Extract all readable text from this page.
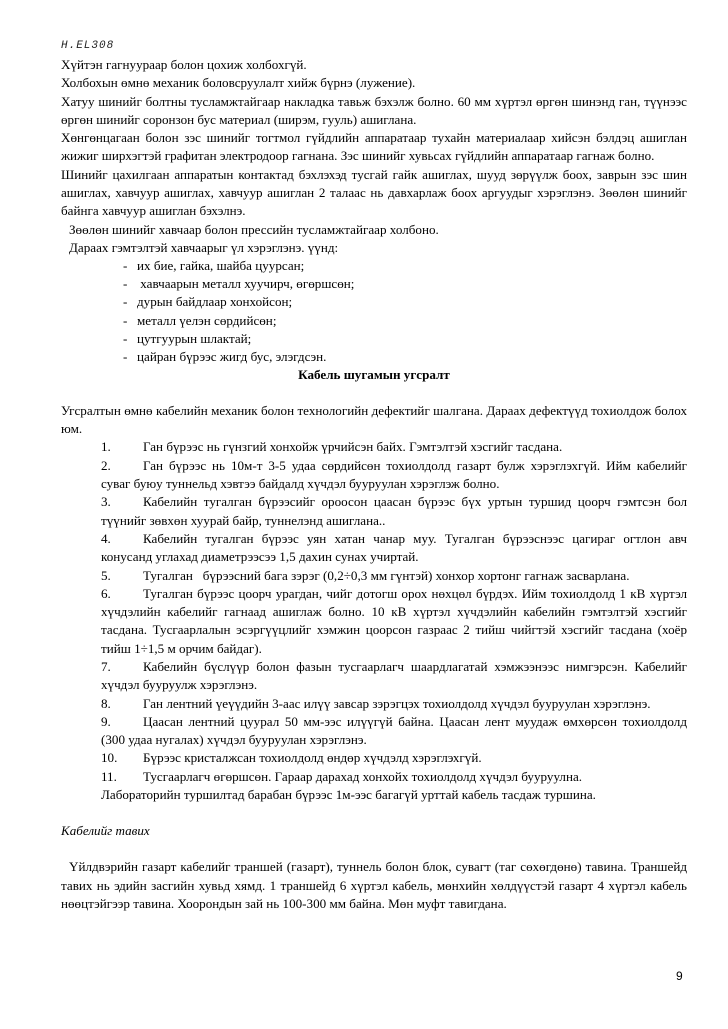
H.EL308

Хүйтэн гагнуураар болон цохиж холбохгүй.

Холбохын өмнө механик боловсруулалт хийж бүрнэ (лужение).

Хатуу шинийг болтны тусламжтайгаар накладка тавьж бэхэлж болно. 60 мм хүртэл өргөн шинэнд ган, түүнээс өргөн шинийг соронзон бус материал (ширэм, гууль) ашиглана.

Хөнгөнцагаан болон зэс шинийг тогтмол гүйдлийн аппаратаар тухайн материалаар хийсэн бэлдэц ашиглан жижиг ширхэгтэй графитан электродоор гагнана. Зэс шинийг хувьсах гүйдлийн аппаратаар гагнаж болно.

Шинийг цахилгаан аппаратын контактад бэхлэхэд тусгай гайк ашиглах, шууд зөрүүлж боох, заврын зэс шин ашиглах, хавчуур ашиглах, хавчуур ашиглан 2 талаас нь давхарлаж боох аргуудыг хэрэглэнэ. Зөөлөн шинийг байнга хавчуур ашиглан бэхэлнэ.

Зөөлөн шинийг хавчаар болон прессийн тусламжтайгаар холбоно.

Дараах гэмтэлтэй хавчаарыг үл хэрэглэнэ. үүнд:

- их бие, гайка, шайба цуурсан;
- хавчаарын металл хуучирч, өгөршсөн;
- дурын байдлаар хонхойсон;
- металл үелэн сөрдийсөн;
- цутгуурын шлактай;
- цайран бүрээс жигд бус, элэгдсэн.

Кабель шугамын угсралт

Угсралтын өмнө кабелийн механик болон технологийн дефектийг шалгана. Дараах дефектүүд тохиолдож болох юм.

1. Ган бүрээс нь гүнзгий хонхойж үрчийсэн байх. Гэмтэлтэй хэсгийг тасдана.
2. Ган бүрээс нь 10м-т 3-5 удаа сөрдийсөн тохиолдолд газарт булж хэрэглэхгүй. Ийм кабелийг суваг буюу туннельд хэвтээ байдалд хүчдэл бууруулан хэрэглэж болно.
3. Кабелийн тугалган бүрээсийг ороосон цаасан бүрээс бүх уртын туршид цоорч гэмтсэн бол түүнийг зөвхөн хуурай байр, туннелэнд ашиглана..
4. Кабелийн тугалган бүрээс уян хатан чанар муу. Тугалган бүрээснээс цагираг огтлон авч конусанд углахад диаметрээсээ 1,5 дахин сунах учиртай.
5. Тугалган   бүрээсний бага зэрэг (0,2÷0,3 мм гүнтэй) хонхор хортонг гагнаж засварлана.
6. Тугалган бүрээс цоорч урагдан, чийг дотогш орох нөхцөл бүрдэх. Ийм тохиолдолд 1 кВ хүртэл хүчдэлийн кабелийг гагнаад ашиглаж болно. 10 кВ хүртэл хүчдэлийн кабелийн гэмтэлтэй хэсгийг тасдана. Тусгаарлалын эсэргүүцлийг хэмжин цоорсон газраас 2 тийш чийгтэй хэсгийг тасдана (хоёр тийш 1÷1,5 м орчим байдаг).
7. Кабелийн бүслүүр болон фазын тусгаарлагч шаардлагатай хэмжээнээс нимгэрсэн. Кабелийг хүчдэл бууруулж хэрэглэнэ.
8. Ган лентний үеүүдийн 3-аас илүү завсар зэрэгцэх тохиолдолд хүчдэл бууруулан хэрэглэнэ.
9. Цаасан лентний цуурал 50 мм-ээс илүүгүй байна. Цаасан лент муудаж өмхөрсөн тохиолдолд (300 удаа нугалах) хүчдэл бууруулан хэрэглэнэ.
10. Бүрээс кристалжсан тохиолдолд өндөр хүчдэлд хэрэглэхгүй.
11. Тусгаарлагч өгөршсөн. Гараар дарахад хонхойх тохиолдолд хүчдэл бууруулна.
Лабораторийн туршилтад барабан бүрээс 1м-ээс багагүй урттай кабель тасдаж туршина.

Кабелийг тавих

Үйлдвэрийн газарт кабелийг траншей (газарт), туннель болон блок, сувагт (таг сөхөгдөнө) тавина. Траншейд тавих нь эдийн засгийн хувьд хямд. 1 траншейд 6 хүртэл кабель, мөнхийн хөлдүүстэй газарт 4 хүртэл кабель нөөцтэйгээр тавина. Хоорондын зай нь 100-300 мм байна. Мөн муфт тавигдана.

9
